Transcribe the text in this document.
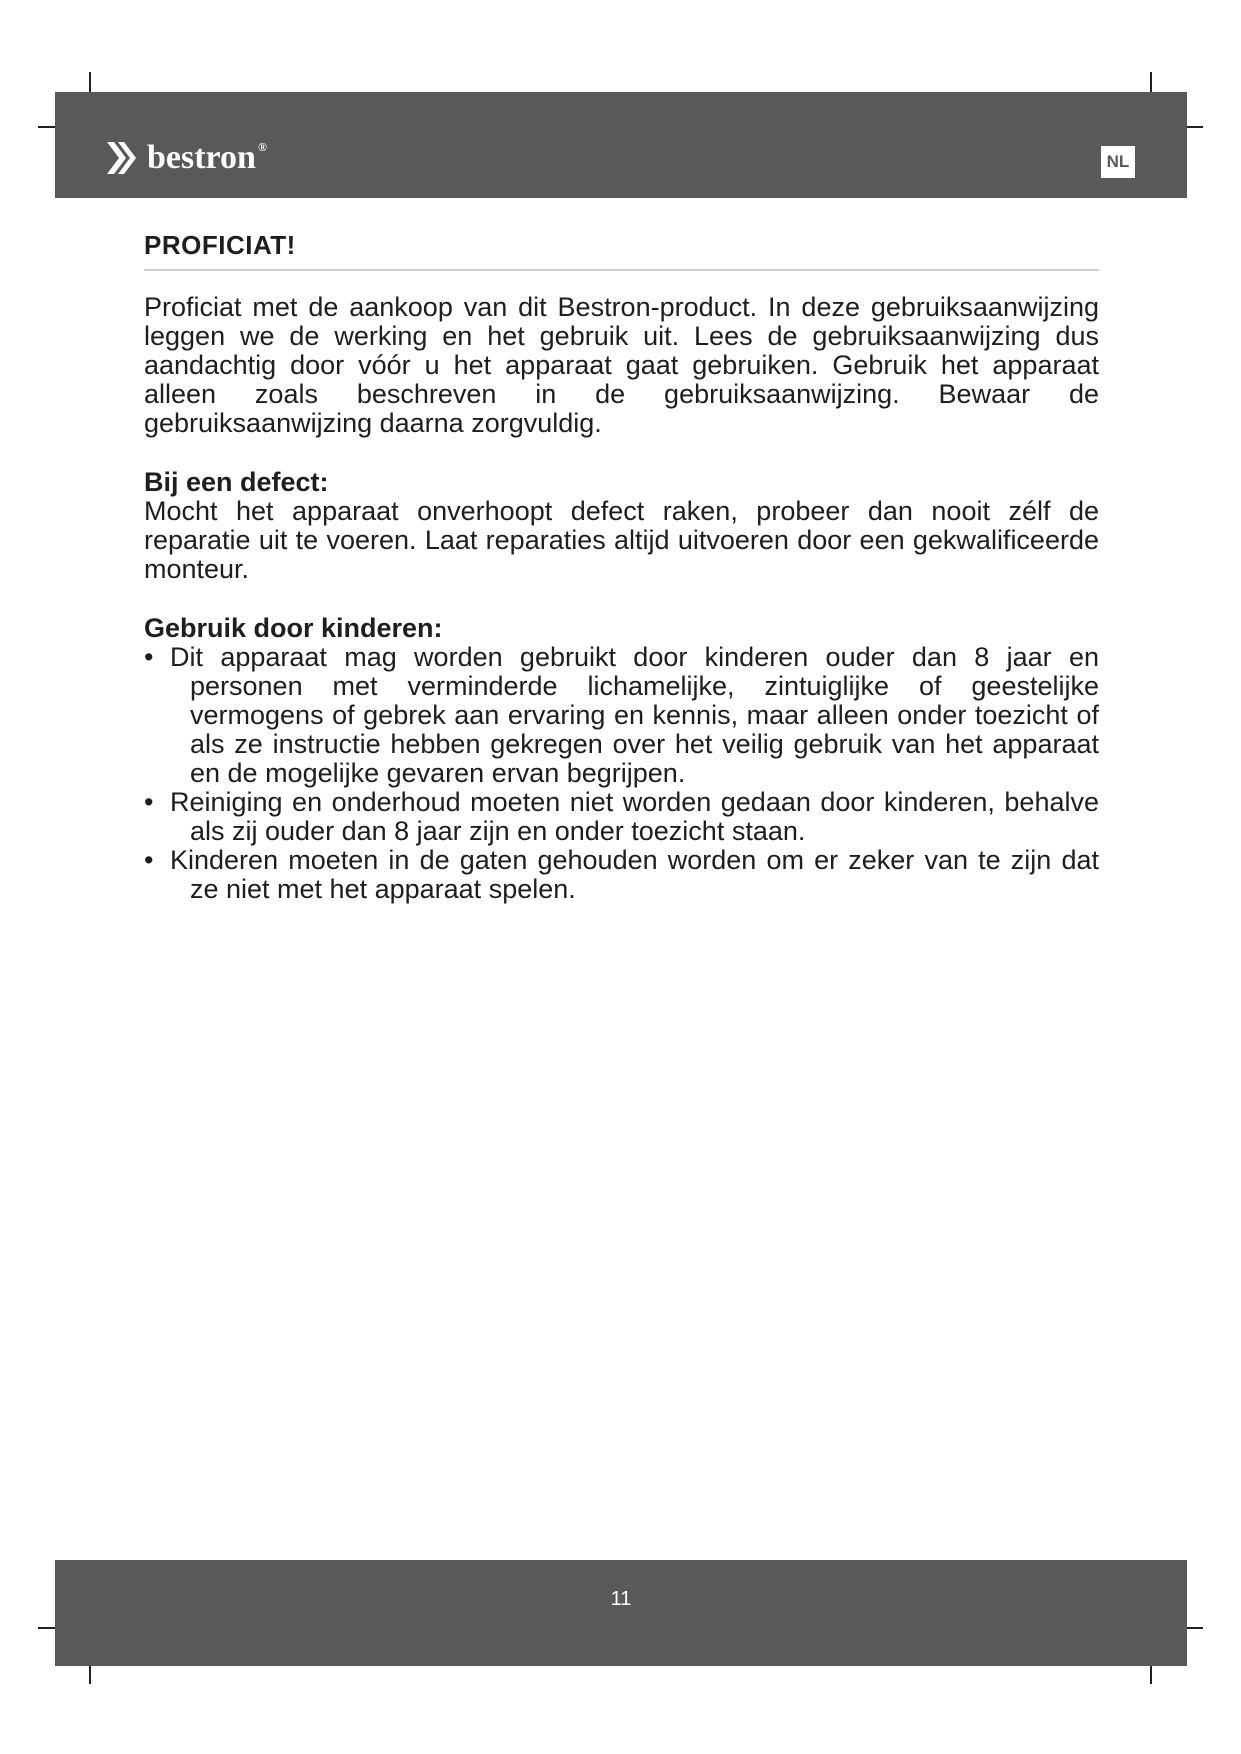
bestron ®
NL
PROFICIAT!

Proficiat met de aankoop van dit Bestron-product. In deze gebruiksaanwijzing leggen we de werking en het gebruik uit. Lees de gebruiksaanwijzing dus aandachtig door vóór u het apparaat gaat gebruiken. Gebruik het apparaat alleen zoals beschreven in de gebruiksaanwijzing. Bewaar de gebruiksaanwijzing daarna zorgvuldig.

Bij een defect:

Mocht het apparaat onverhoopt defect raken, probeer dan nooit zélf de reparatie uit te voeren. Laat reparaties altijd uitvoeren door een gekwalificeerde monteur.

Gebruik door kinderen:
• Dit apparaat mag worden gebruikt door kinderen ouder dan 8 jaar en personen met verminderde lichamelijke, zintuiglijke of geestelijke vermogens of gebrek aan ervaring en kennis, maar alleen onder toezicht of als ze instructie hebben gekregen over het veilig gebruik van het apparaat en de mogelijke gevaren ervan begrijpen.
• Reiniging en onderhoud moeten niet worden gedaan door kinderen, behalve als zij ouder dan 8 jaar zijn en onder toezicht staan.
• Kinderen moeten in de gaten gehouden worden om er zeker van te zijn dat ze niet met het apparaat spelen.
11
